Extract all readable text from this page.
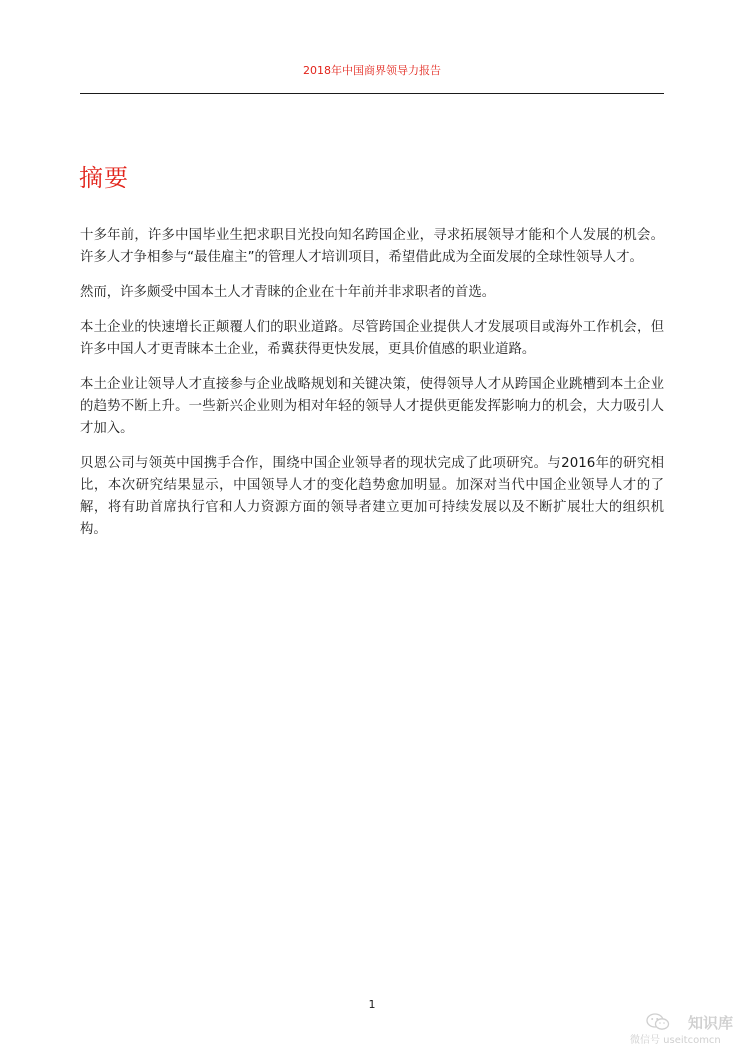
2018年中国商界领导力报告
摘要

十多年前，许多中国毕业生把求职目光投向知名跨国企业，寻求拓展领导才能和个人发展的机会。许多人才争相参与“最佳雇主”的管理人才培训项目，希望借此成为全面发展的全球性领导人才。

然而，许多颇受中国本土人才青睐的企业在十年前并非求职者的首选。

本土企业的快速增长正颠覆人们的职业道路。尽管跨国企业提供人才发展项目或海外工作机会，但许多中国人才更青睐本土企业，希冀获得更快发展，更具价值感的职业道路。

本土企业让领导人才直接参与企业战略规划和关键决策，使得领导人才从跨国企业跳槽到本土企业的趋势不断上升。一些新兴企业则为相对年轻的领导人才提供更能发挥影响力的机会，大力吸引人才加入。

贝恩公司与领英中国携手合作，围绕中国企业领导者的现状完成了此项研究。与2016年的研究相比，本次研究结果显示，中国领导人才的变化趋势愈加明显。加深对当代中国企业领导人才的了解，将有助首席执行官和人力资源方面的领导者建立更加可持续发展以及不断扩展壮大的组织机构。

1
知识库
微信号 useitcomcn
